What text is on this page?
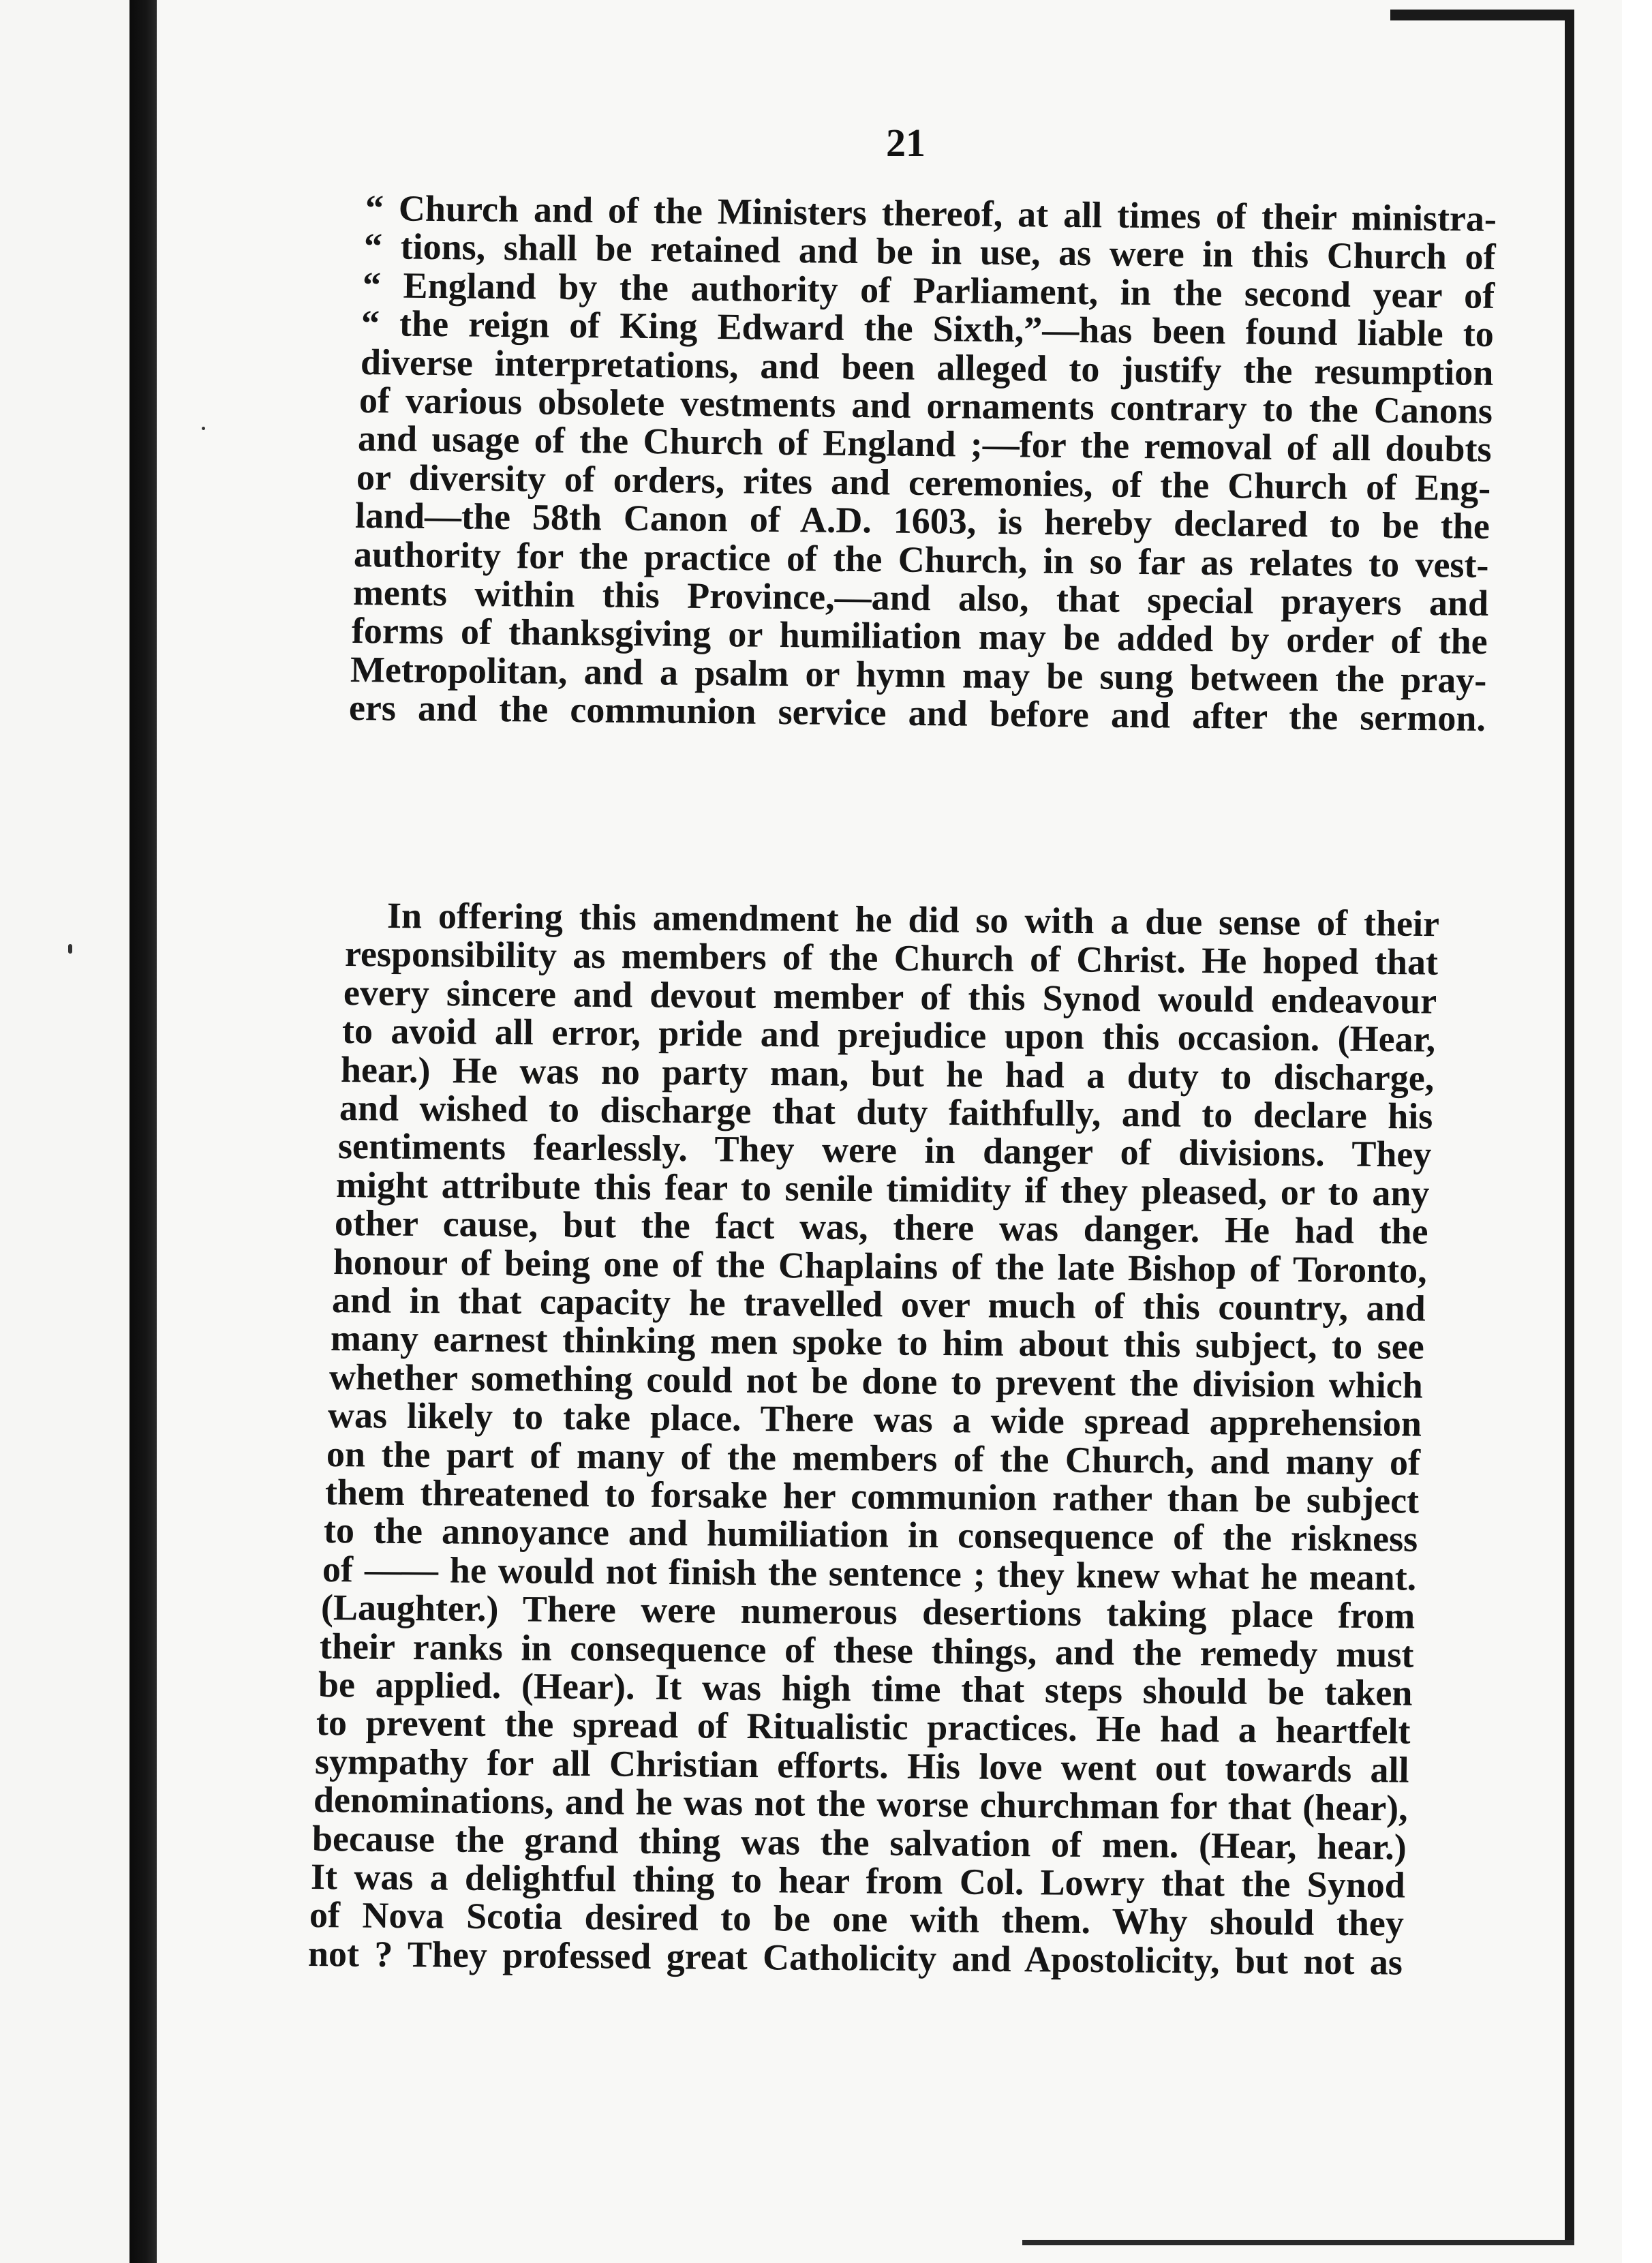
21
“ Church and of the Ministers thereof, at all times of their ministra-
“ tions, shall be retained and be in use, as were in this Church of
“ England by the authority of Parliament, in the second year of
“ the reign of King Edward the Sixth,”—has been found liable to
diverse interpretations, and been alleged to justify the resumption
of various obsolete vestments and ornaments contrary to the Canons
and usage of the Church of England ;—for the removal of all doubts
or diversity of orders, rites and ceremonies, of the Church of Eng-
land—the 58th Canon of A.D. 1603, is hereby declared to be the
authority for the practice of the Church, in so far as relates to vest-
ments within this Province,—and also, that special prayers and
forms of thanksgiving or humiliation may be added by order of the
Metropolitan, and a psalm or hymn may be sung between the pray-
ers and the communion service and before and after the sermon.
In offering this amendment he did so with a due sense of their
responsibility as members of the Church of Christ. He hoped that
every sincere and devout member of this Synod would endeavour
to avoid all error, pride and prejudice upon this occasion. (Hear,
hear.) He was no party man, but he had a duty to discharge,
and wished to discharge that duty faithfully, and to declare his
sentiments fearlessly. They were in danger of divisions. They
might attribute this fear to senile timidity if they pleased, or to any
other cause, but the fact was, there was danger. He had the
honour of being one of the Chaplains of the late Bishop of Toronto,
and in that capacity he travelled over much of this country, and
many earnest thinking men spoke to him about this subject, to see
whether something could not be done to prevent the division which
was likely to take place. There was a wide spread apprehension
on the part of many of the members of the Church, and many of
them threatened to forsake her communion rather than be subject
to the annoyance and humiliation in consequence of the riskness
of —— he would not finish the sentence ; they knew what he meant.
(Laughter.) There were numerous desertions taking place from
their ranks in consequence of these things, and the remedy must
be applied. (Hear). It was high time that steps should be taken
to prevent the spread of Ritualistic practices. He had a heartfelt
sympathy for all Christian efforts. His love went out towards all
denominations, and he was not the worse churchman for that (hear),
because the grand thing was the salvation of men. (Hear, hear.)
It was a delightful thing to hear from Col. Lowry that the Synod
of Nova Scotia desired to be one with them. Why should they
not ? They professed great Catholicity and Apostolicity, but not as
